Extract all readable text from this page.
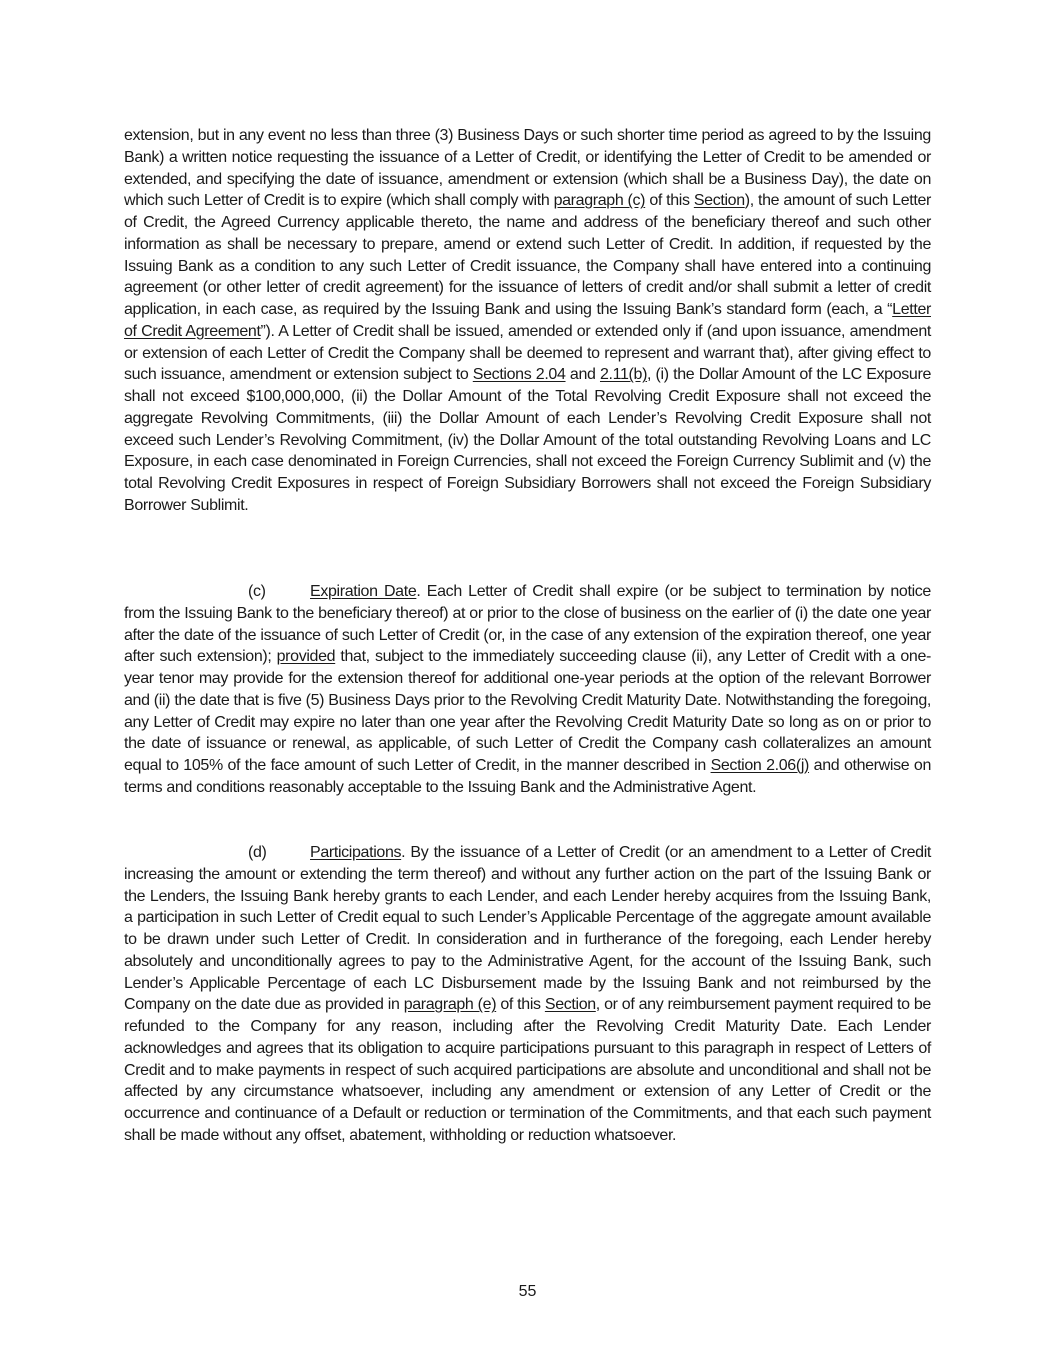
extension, but in any event no less than three (3) Business Days or such shorter time period as agreed to by the Issuing Bank) a written notice requesting the issuance of a Letter of Credit, or identifying the Letter of Credit to be amended or extended, and specifying the date of issuance, amendment or extension (which shall be a Business Day), the date on which such Letter of Credit is to expire (which shall comply with paragraph (c) of this Section), the amount of such Letter of Credit, the Agreed Currency applicable thereto, the name and address of the beneficiary thereof and such other information as shall be necessary to prepare, amend or extend such Letter of Credit. In addition, if requested by the Issuing Bank as a condition to any such Letter of Credit issuance, the Company shall have entered into a continuing agreement (or other letter of credit agreement) for the issuance of letters of credit and/or shall submit a letter of credit application, in each case, as required by the Issuing Bank and using the Issuing Bank’s standard form (each, a “Letter of Credit Agreement”). A Letter of Credit shall be issued, amended or extended only if (and upon issuance, amendment or extension of each Letter of Credit the Company shall be deemed to represent and warrant that), after giving effect to such issuance, amendment or extension subject to Sections 2.04 and 2.11(b), (i) the Dollar Amount of the LC Exposure shall not exceed $100,000,000, (ii) the Dollar Amount of the Total Revolving Credit Exposure shall not exceed the aggregate Revolving Commitments, (iii) the Dollar Amount of each Lender’s Revolving Credit Exposure shall not exceed such Lender’s Revolving Commitment, (iv) the Dollar Amount of the total outstanding Revolving Loans and LC Exposure, in each case denominated in Foreign Currencies, shall not exceed the Foreign Currency Sublimit and (v) the total Revolving Credit Exposures in respect of Foreign Subsidiary Borrowers shall not exceed the Foreign Subsidiary Borrower Sublimit.

(c)	Expiration Date. Each Letter of Credit shall expire (or be subject to termination by notice from the Issuing Bank to the beneficiary thereof) at or prior to the close of business on the earlier of (i) the date one year after the date of the issuance of such Letter of Credit (or, in the case of any extension of the expiration thereof, one year after such extension); provided that, subject to the immediately succeeding clause (ii), any Letter of Credit with a one-year tenor may provide for the extension thereof for additional one-year periods at the option of the relevant Borrower and (ii) the date that is five (5) Business Days prior to the Revolving Credit Maturity Date. Notwithstanding the foregoing, any Letter of Credit may expire no later than one year after the Revolving Credit Maturity Date so long as on or prior to the date of issuance or renewal, as applicable, of such Letter of Credit the Company cash collateralizes an amount equal to 105% of the face amount of such Letter of Credit, in the manner described in Section 2.06(j) and otherwise on terms and conditions reasonably acceptable to the Issuing Bank and the Administrative Agent.

(d)	Participations. By the issuance of a Letter of Credit (or an amendment to a Letter of Credit increasing the amount or extending the term thereof) and without any further action on the part of the Issuing Bank or the Lenders, the Issuing Bank hereby grants to each Lender, and each Lender hereby acquires from the Issuing Bank, a participation in such Letter of Credit equal to such Lender’s Applicable Percentage of the aggregate amount available to be drawn under such Letter of Credit. In consideration and in furtherance of the foregoing, each Lender hereby absolutely and unconditionally agrees to pay to the Administrative Agent, for the account of the Issuing Bank, such Lender’s Applicable Percentage of each LC Disbursement made by the Issuing Bank and not reimbursed by the Company on the date due as provided in paragraph (e) of this Section, or of any reimbursement payment required to be refunded to the Company for any reason, including after the Revolving Credit Maturity Date. Each Lender acknowledges and agrees that its obligation to acquire participations pursuant to this paragraph in respect of Letters of Credit and to make payments in respect of such acquired participations are absolute and unconditional and shall not be affected by any circumstance whatsoever, including any amendment or extension of any Letter of Credit or the occurrence and continuance of a Default or reduction or termination of the Commitments, and that each such payment shall be made without any offset, abatement, withholding or reduction whatsoever.

55
